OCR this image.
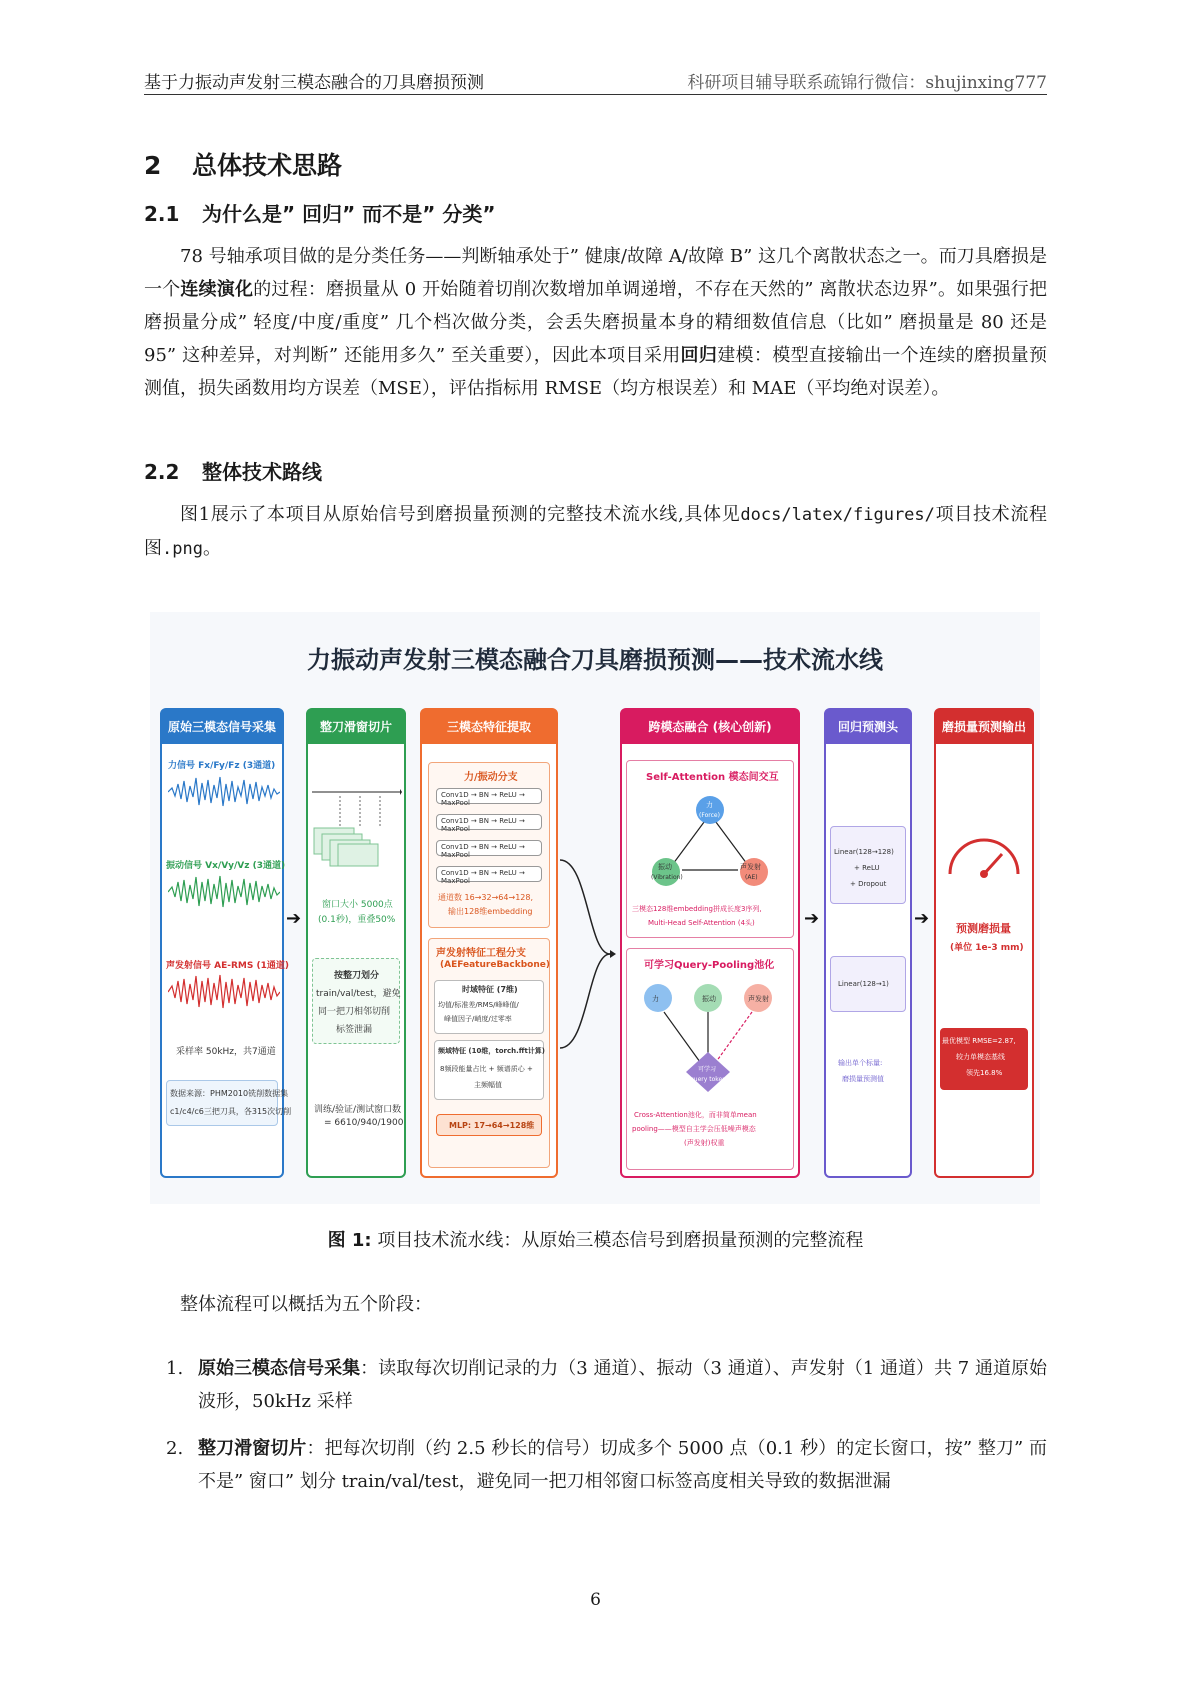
基于力振动声发射三模态融合的刀具磨损预测	科研项目辅导联系疏锦行微信：shujinxing777
2 总体技术思路
2.1 为什么是” 回归” 而不是” 分类”
78 号轴承项目做的是分类任务——判断轴承处于” 健康/故障 A/故障 B” 这几个离散状态之一。而刀具磨损是一个连续演化的过程：磨损量从 0 开始随着切削次数增加单调递增，不存在天然的” 离散状态边界”。如果强行把磨损量分成” 轻度/中度/重度” 几个档次做分类，会丢失磨损量本身的精细数值信息（比如” 磨损量是 80 还是 95” 这种差异，对判断” 还能用多久” 至关重要），因此本项目采用回归建模：模型直接输出一个连续的磨损量预测值，损失函数用均方误差（MSE），评估指标用 RMSE（均方根误差）和 MAE（平均绝对误差）。
2.2 整体技术路线
图1展示了本项目从原始信号到磨损量预测的完整技术流水线,具体见docs/latex/figures/项目技术流程图.png。
力振动声发射三模态融合刀具磨损预测——技术流水线
原始三模态信号采集
力信号 Fx/Fy/Fz (3通道)
振动信号 Vx/Vy/Vz (3通道)
声发射信号 AE-RMS (1通道)
采样率 50kHz，共7通道
数据来源：PHM2010铣削数据集
c1/c4/c6三把刀具，各315次切削
➔
整刀滑窗切片
窗口大小 5000点
(0.1秒)，重叠50%
按整刀划分
train/val/test，避免
同一把刀相邻切削
标签泄漏
训练/验证/测试窗口数
= 6610/940/1900
三模态特征提取
力/振动分支
Conv1D → BN → ReLU → MaxPool
Conv1D → BN → ReLU → MaxPool
Conv1D → BN → ReLU → MaxPool
Conv1D → BN → ReLU → MaxPool
通道数 16→32→64→128,
输出128维embedding
声发射特征工程分支
(AEFeatureBackbone)
时域特征 (7维)
均值/标准差/RMS/峰峰值/
峰值因子/峭度/过零率
频域特征 (10维，torch.fft计算)
8频段能量占比 + 频谱质心 +
主频幅值
MLP: 17→64→128维
跨模态融合 (核心创新)
Self-Attention 模态间交互
力
(Force)
振动
(Vibration)
声发射
(AE)
三模态128维embedding拼成长度3序列,
Multi-Head Self-Attention (4头)
可学习Query-Pooling池化
力	振动	声发射
可学习
query token
Cross-Attention池化，而非简单mean
pooling——模型自主学会压低噪声模态
(声发射)权重
➔
回归预测头
Linear(128→128)
+ ReLU
+ Dropout
Linear(128→1)
输出单个标量:
磨损量预测值
➔
磨损量预测输出
预测磨损量
(单位 1e-3 mm)
最优模型 RMSE=2.87,
较力单模态基线
领先16.8%
图 1: 项目技术流水线：从原始三模态信号到磨损量预测的完整流程
整体流程可以概括为五个阶段：
1. 原始三模态信号采集：读取每次切削记录的力（3 通道）、振动（3 通道）、声发射（1 通道）共 7 通道原始波形，50kHz 采样
2. 整刀滑窗切片：把每次切削（约 2.5 秒长的信号）切成多个 5000 点（0.1 秒）的定长窗口，按” 整刀” 而不是” 窗口” 划分 train/val/test，避免同一把刀相邻窗口标签高度相关导致的数据泄漏
6
